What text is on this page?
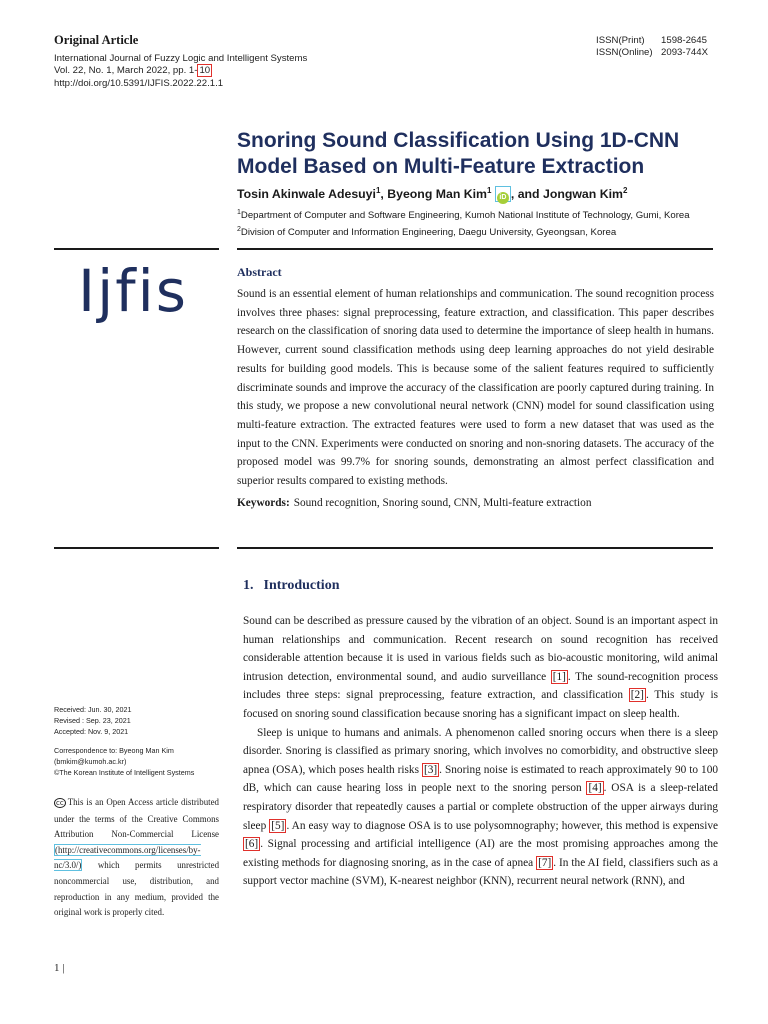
Original Article
International Journal of Fuzzy Logic and Intelligent Systems
Vol. 22, No. 1, March 2022, pp. 1- 10
http://doi.org/10.5391/IJFIS.2022.22.1.1
ISSN(Print)	1598-2645
ISSN(Online) 2093-744X
Snoring Sound Classification Using 1D-CNN
Model Based on Multi-Feature Extraction
Tosin Akinwale Adesuyi$^1$, Byeong Man Kim$^1$ iD , and Jongwan Kim$^2$
$^1$Department of Computer and Software Engineering, Kumoh National Institute of Technology, Gumi, Korea
$^2$Division of Computer and Information Engineering, Daegu University, Gyeongsan, Korea
Ijfis	Abstract
Sound is an essential element of human relationships and communication. The sound recognition process involves three phases: signal preprocessing, feature extraction, and classification. This paper describes research on the classification of snoring data used to determine the importance of sleep health in humans. However, current sound classification methods using deep learning approaches do not yield desirable results for building good models. This is because some of the salient features required to sufficiently discriminate sounds and improve the accuracy of the classification are poorly captured during training. In this study, we propose a new convolutional neural network (CNN) model for sound classification using multi-feature extraction. The extracted features were used to form a new dataset that was used as the input to the CNN. Experiments were conducted on snoring and non-snoring datasets. The accuracy of the proposed model was 99.7% for snoring sounds, demonstrating an almost perfect classification and superior results compared to existing methods.
Keywords: Sound recognition, Snoring sound, CNN, Multi-feature extraction
Received: Jun. 30, 2021
Revised : Sep. 23, 2021
Accepted: Nov. 9, 2021
Correspondence to: Byeong Man Kim
(bmkim@kumoh.ac.kr)
©The Korean Institute of Intelligent Systems
cc This is an Open Access article distributed under the terms of the Creative Commons Attribution Non-Commercial License (http://creativecommons.org/licenses/by-nc/3.0/) which permits unrestricted noncommercial use, distribution, and reproduction in any medium, provided the original work is properly cited.
1. Introduction
Sound can be described as pressure caused by the vibration of an object. Sound is an important aspect in human relationships and communication. Recent research on sound recognition has received considerable attention because it is used in various fields such as bio-acoustic monitoring, wild animal intrusion detection, environmental sound, and audio surveillance [1] . The sound-recognition process includes three steps: signal preprocessing, feature extraction, and classification [2] . This study is focused on snoring sound classification because snoring has a significant impact on sleep health.
Sleep is unique to humans and animals. A phenomenon called snoring occurs when there is a sleep disorder. Snoring is classified as primary snoring, which involves no comorbidity, and obstructive sleep apnea (OSA), which poses health risks [3] . Snoring noise is estimated to reach approximately 90 to 100 dB, which can cause hearing loss in people next to the snoring person [4] . OSA is a sleep-related respiratory disorder that repeatedly causes a partial or complete obstruction of the upper airways during sleep [5] . An easy way to diagnose OSA is to use polysomnography; however, this method is expensive [6] . Signal processing and artificial intelligence (AI) are the most promising approaches among the existing methods for diagnosing snoring, as in the case of apnea [7] . In the AI field, classifiers such as a support vector machine (SVM), K-nearest neighbor (KNN), recurrent neural network (RNN), and
1 |
